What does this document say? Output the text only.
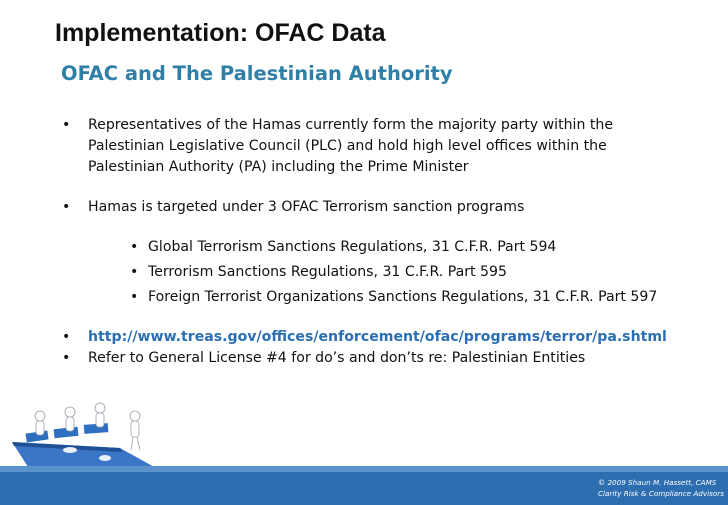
Implementation: OFAC Data
OFAC and The Palestinian Authority
• Representatives of the Hamas currently form the majority party within the
Palestinian Legislative Council (PLC) and hold high level offices within the
Palestinian Authority (PA) including the Prime Minister
• Hamas is targeted under 3 OFAC Terrorism sanction programs
• Global Terrorism Sanctions Regulations, 31 C.F.R. Part 594
• Terrorism Sanctions Regulations, 31 C.F.R. Part 595
• Foreign Terrorist Organizations Sanctions Regulations, 31 C.F.R. Part 597
• http://www.treas.gov/offices/enforcement/ofac/programs/terror/pa.shtml
• Refer to General License #4 for do’s and don’ts re: Palestinian Entities
© 2009 Shaun M. Hassett, CAMS
Clarity Risk & Compliance Advisors
